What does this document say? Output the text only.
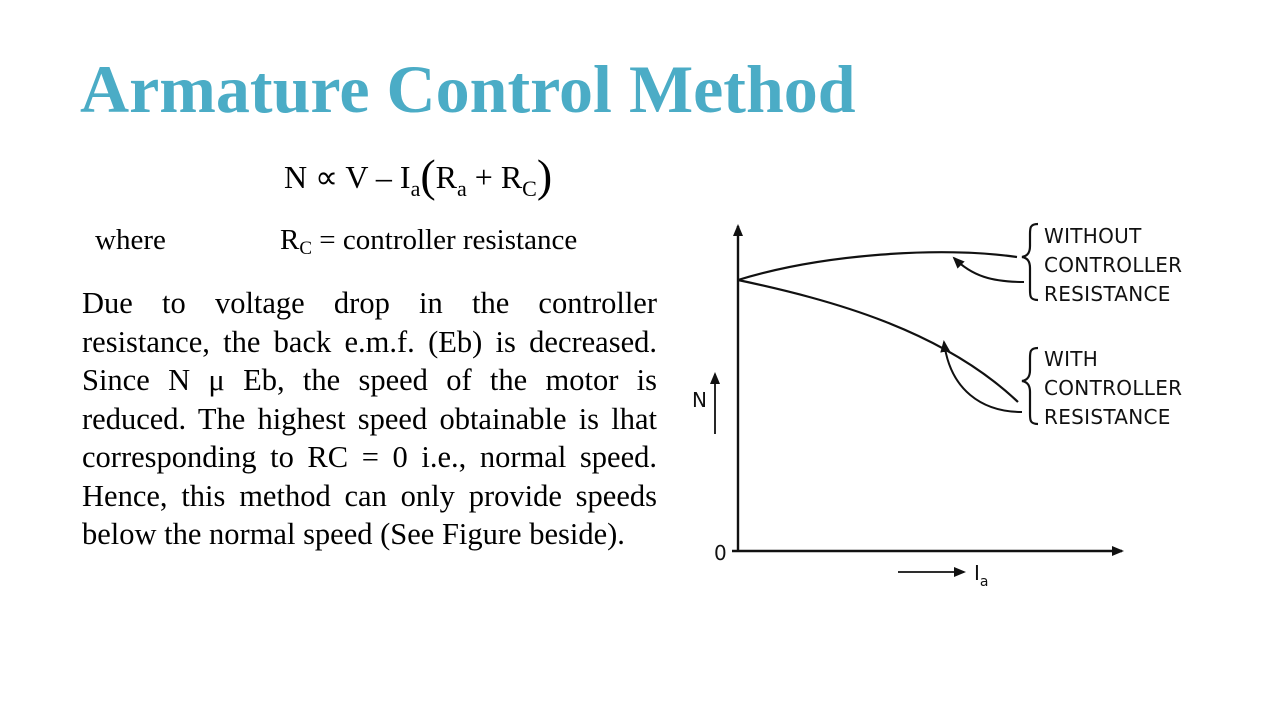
Armature Control Method
$N \propto V - I_a(R_a + R_C)$
where	$R_C$ = controller resistance

Due to voltage drop in the controller resistance, the back e.m.f. (Eb) is decreased. Since N μ Eb, the speed of the motor is reduced. The highest speed obtainable is lhat corresponding to RC = 0 i.e., normal speed. Hence, this method can only provide speeds below the normal speed (See Figure beside).

N
0
$I_a$
WITHOUT
CONTROLLER
RESISTANCE
WITH
CONTROLLER
RESISTANCE
